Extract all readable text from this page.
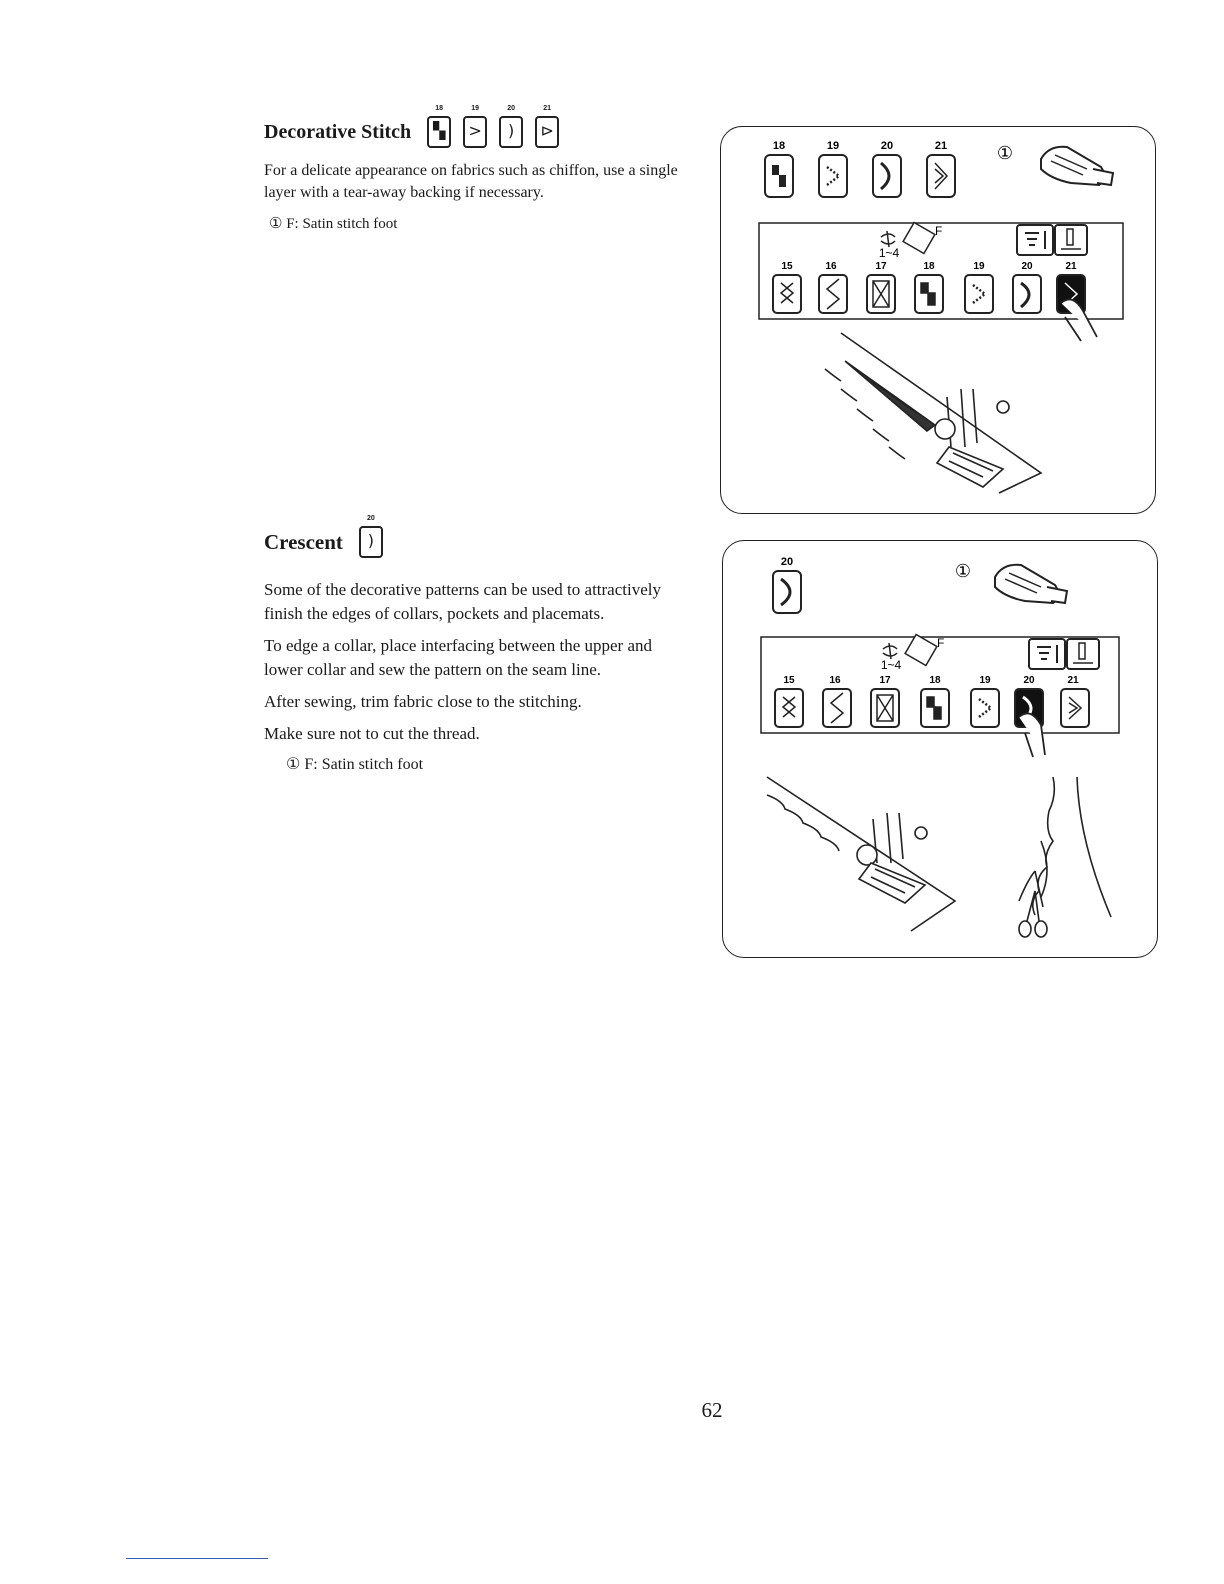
Decorative Stitch
18
▚

19
>

20
)

21
⊳

For a delicate appearance on fabrics such as chiffon, use a single layer with a tear-away backing if necessary.

① F: Satin stitch foot
Crescent
20
)

Some of the decorative patterns can be used to attractively finish the edges of collars, pockets and placemats.

To edge a collar, place interfacing between the upper and lower collar and sew the pattern on the seam line.

After sewing, trim fabric close to the stitching.

Make sure not to cut the thread.

① F: Satin stitch foot
18	19	20	21	①
1~4
F
15	16	17	18	19	20	21
20	①
1~4
F
15	16	17	18	19	20	21
62
